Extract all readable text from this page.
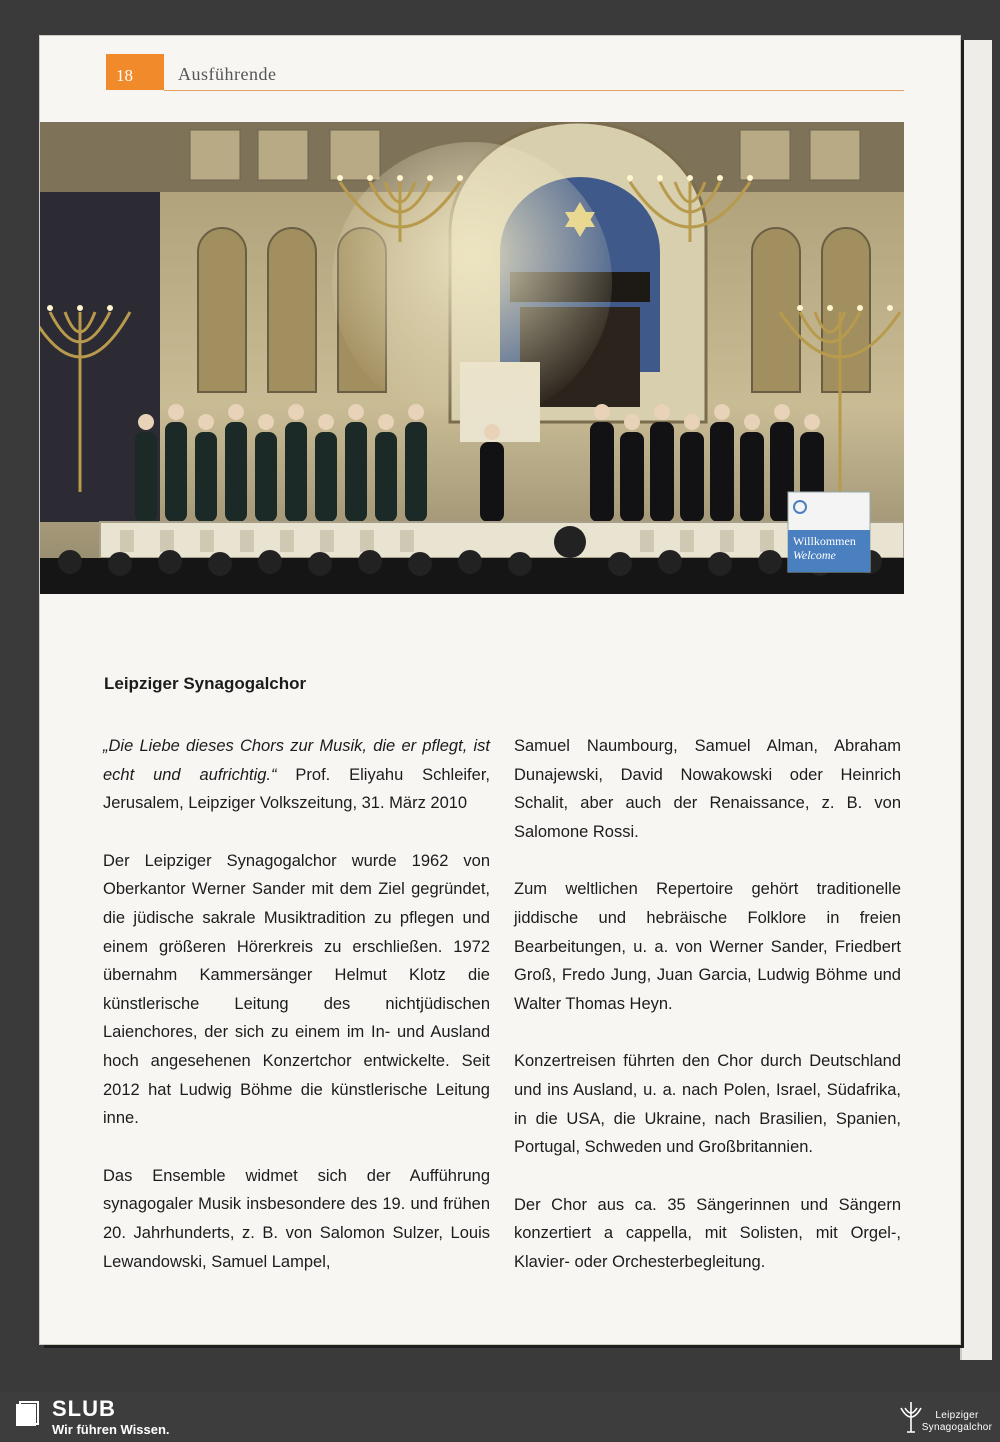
18	Ausführende
Willkommen
Welcome
Leipziger Synagogalchor

„Die Liebe dieses Chors zur Musik, die er pflegt, ist echt und aufrichtig.“ Prof. Eliyahu Schleifer, Jerusalem, Leipziger Volkszeitung, 31. März 2010

Der Leipziger Synagogalchor wurde 1962 von Oberkantor Werner Sander mit dem Ziel gegründet, die jüdische sakrale Musiktradition zu pflegen und einem größeren Hörerkreis zu erschließen. 1972 übernahm Kammersänger Helmut Klotz die künstlerische Leitung des nichtjüdischen Laienchores, der sich zu einem im In- und Ausland hoch angesehenen Konzertchor entwickelte. Seit 2012 hat Ludwig Böhme die künstlerische Leitung inne.

Das Ensemble widmet sich der Aufführung synagogaler Musik insbesondere des 19. und frühen 20. Jahrhunderts, z. B. von Salomon Sulzer, Louis Lewandowski, Samuel Lampel,

Samuel Naumbourg, Samuel Alman, Abraham Dunajewski, David Nowakowski oder Heinrich Schalit, aber auch der Renaissance, z. B. von Salomone Rossi.

Zum weltlichen Repertoire gehört traditionelle jiddische und hebräische Folklore in freien Bearbeitungen, u. a. von Werner Sander, Friedbert Groß, Fredo Jung, Juan Garcia, Ludwig Böhme und Walter Thomas Heyn.

Konzertreisen führten den Chor durch Deutschland und ins Ausland, u. a. nach Polen, Israel, Südafrika, in die USA, die Ukraine, nach Brasilien, Spanien, Portugal, Schweden und Großbritannien.

Der Chor aus ca. 35 Sängerinnen und Sängern konzertiert a cappella, mit Solisten, mit Orgel-, Klavier- oder Orchesterbegleitung.

SLUB
Wir führen Wissen.
Leipziger
Synagogalchor
